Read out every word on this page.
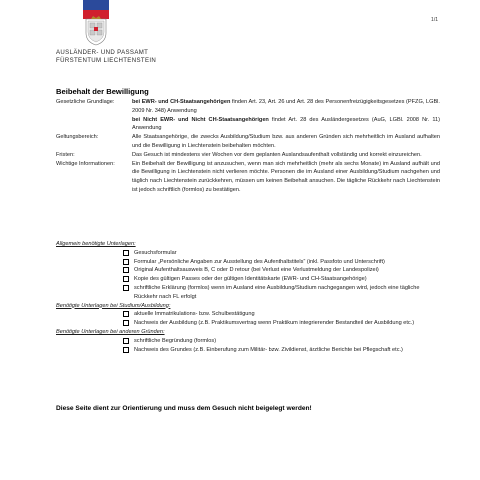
1/1
AUSLÄNDER- UND PASSAMT
FÜRSTENTUM LIECHTENSTEIN
Beibehalt der Bewilligung
Gesetzliche Grundlage:	bei EWR- und CH-Staatsangehörigen finden Art. 23, Art. 26 und Art. 28 des Personenfreizügigkeitsgesetzes (PFZG, LGBl. 2009 Nr. 348) Anwendung
bei Nicht EWR- und Nicht CH-Staatsangehörigen findet Art. 28 des Ausländergesetzes (AuG, LGBl. 2008 Nr. 11) Anwendung
Geltungsbereich:	Alle Staatsangehörige, die zwecks Ausbildung/Studium bzw. aus anderen Gründen sich mehrheitlich im Ausland aufhalten und die Bewilligung in Liechtenstein beibehalten möchten.
Fristen:	Das Gesuch ist mindestens vier Wochen vor dem geplanten Auslandsaufenthalt vollständig und korrekt einzureichen.
Wichtige Informationen:	Ein Beibehalt der Bewilligung ist anzusuchen, wenn man sich mehrheitlich (mehr als sechs Monate) im Ausland aufhält und die Bewilligung in Liechtenstein nicht verlieren möchte. Personen die im Ausland einer Ausbildung/Studium nachgehen und täglich nach Liechtenstein zurückkehren, müssen um keinen Beibehalt ansuchen. Die tägliche Rückkehr nach Liechtenstein ist jedoch schriftlich (formlos) zu bestätigen.
Allgemein benötigte Unterlagen:
Gesuchsformular
Formular „Persönliche Angaben zur Ausstellung des Aufenthaltstitels“ (inkl. Passfoto und Unterschrift)
Original Aufenthaltsausweis B, C oder D retour (bei Verlust eine Verlustmeldung der Landespolizei)
Kopie des gültigen Passes oder der gültigen Identitätskarte (EWR- und CH-Staatsangehörige)
schriftliche Erklärung (formlos) wenn im Ausland eine Ausbildung/Studium nachgegangen wird, jedoch eine tägliche Rückkehr nach FL erfolgt
Benötigte Unterlagen bei Studium/Ausbildung:
aktuelle Immatrikulations- bzw. Schulbestätigung
Nachweis der Ausbildung (z.B. Praktikumsvertrag wenn Praktikum integrierender Bestandteil der Ausbildung etc.)
Benötigte Unterlagen bei anderen Gründen:
schriftliche Begründung (formlos)
Nachweis des Grundes (z.B. Einberufung zum Militär- bzw. Zivildienst, ärztliche Berichte bei Pflegschaft etc.)
Diese Seite dient zur Orientierung und muss dem Gesuch nicht beigelegt werden!
